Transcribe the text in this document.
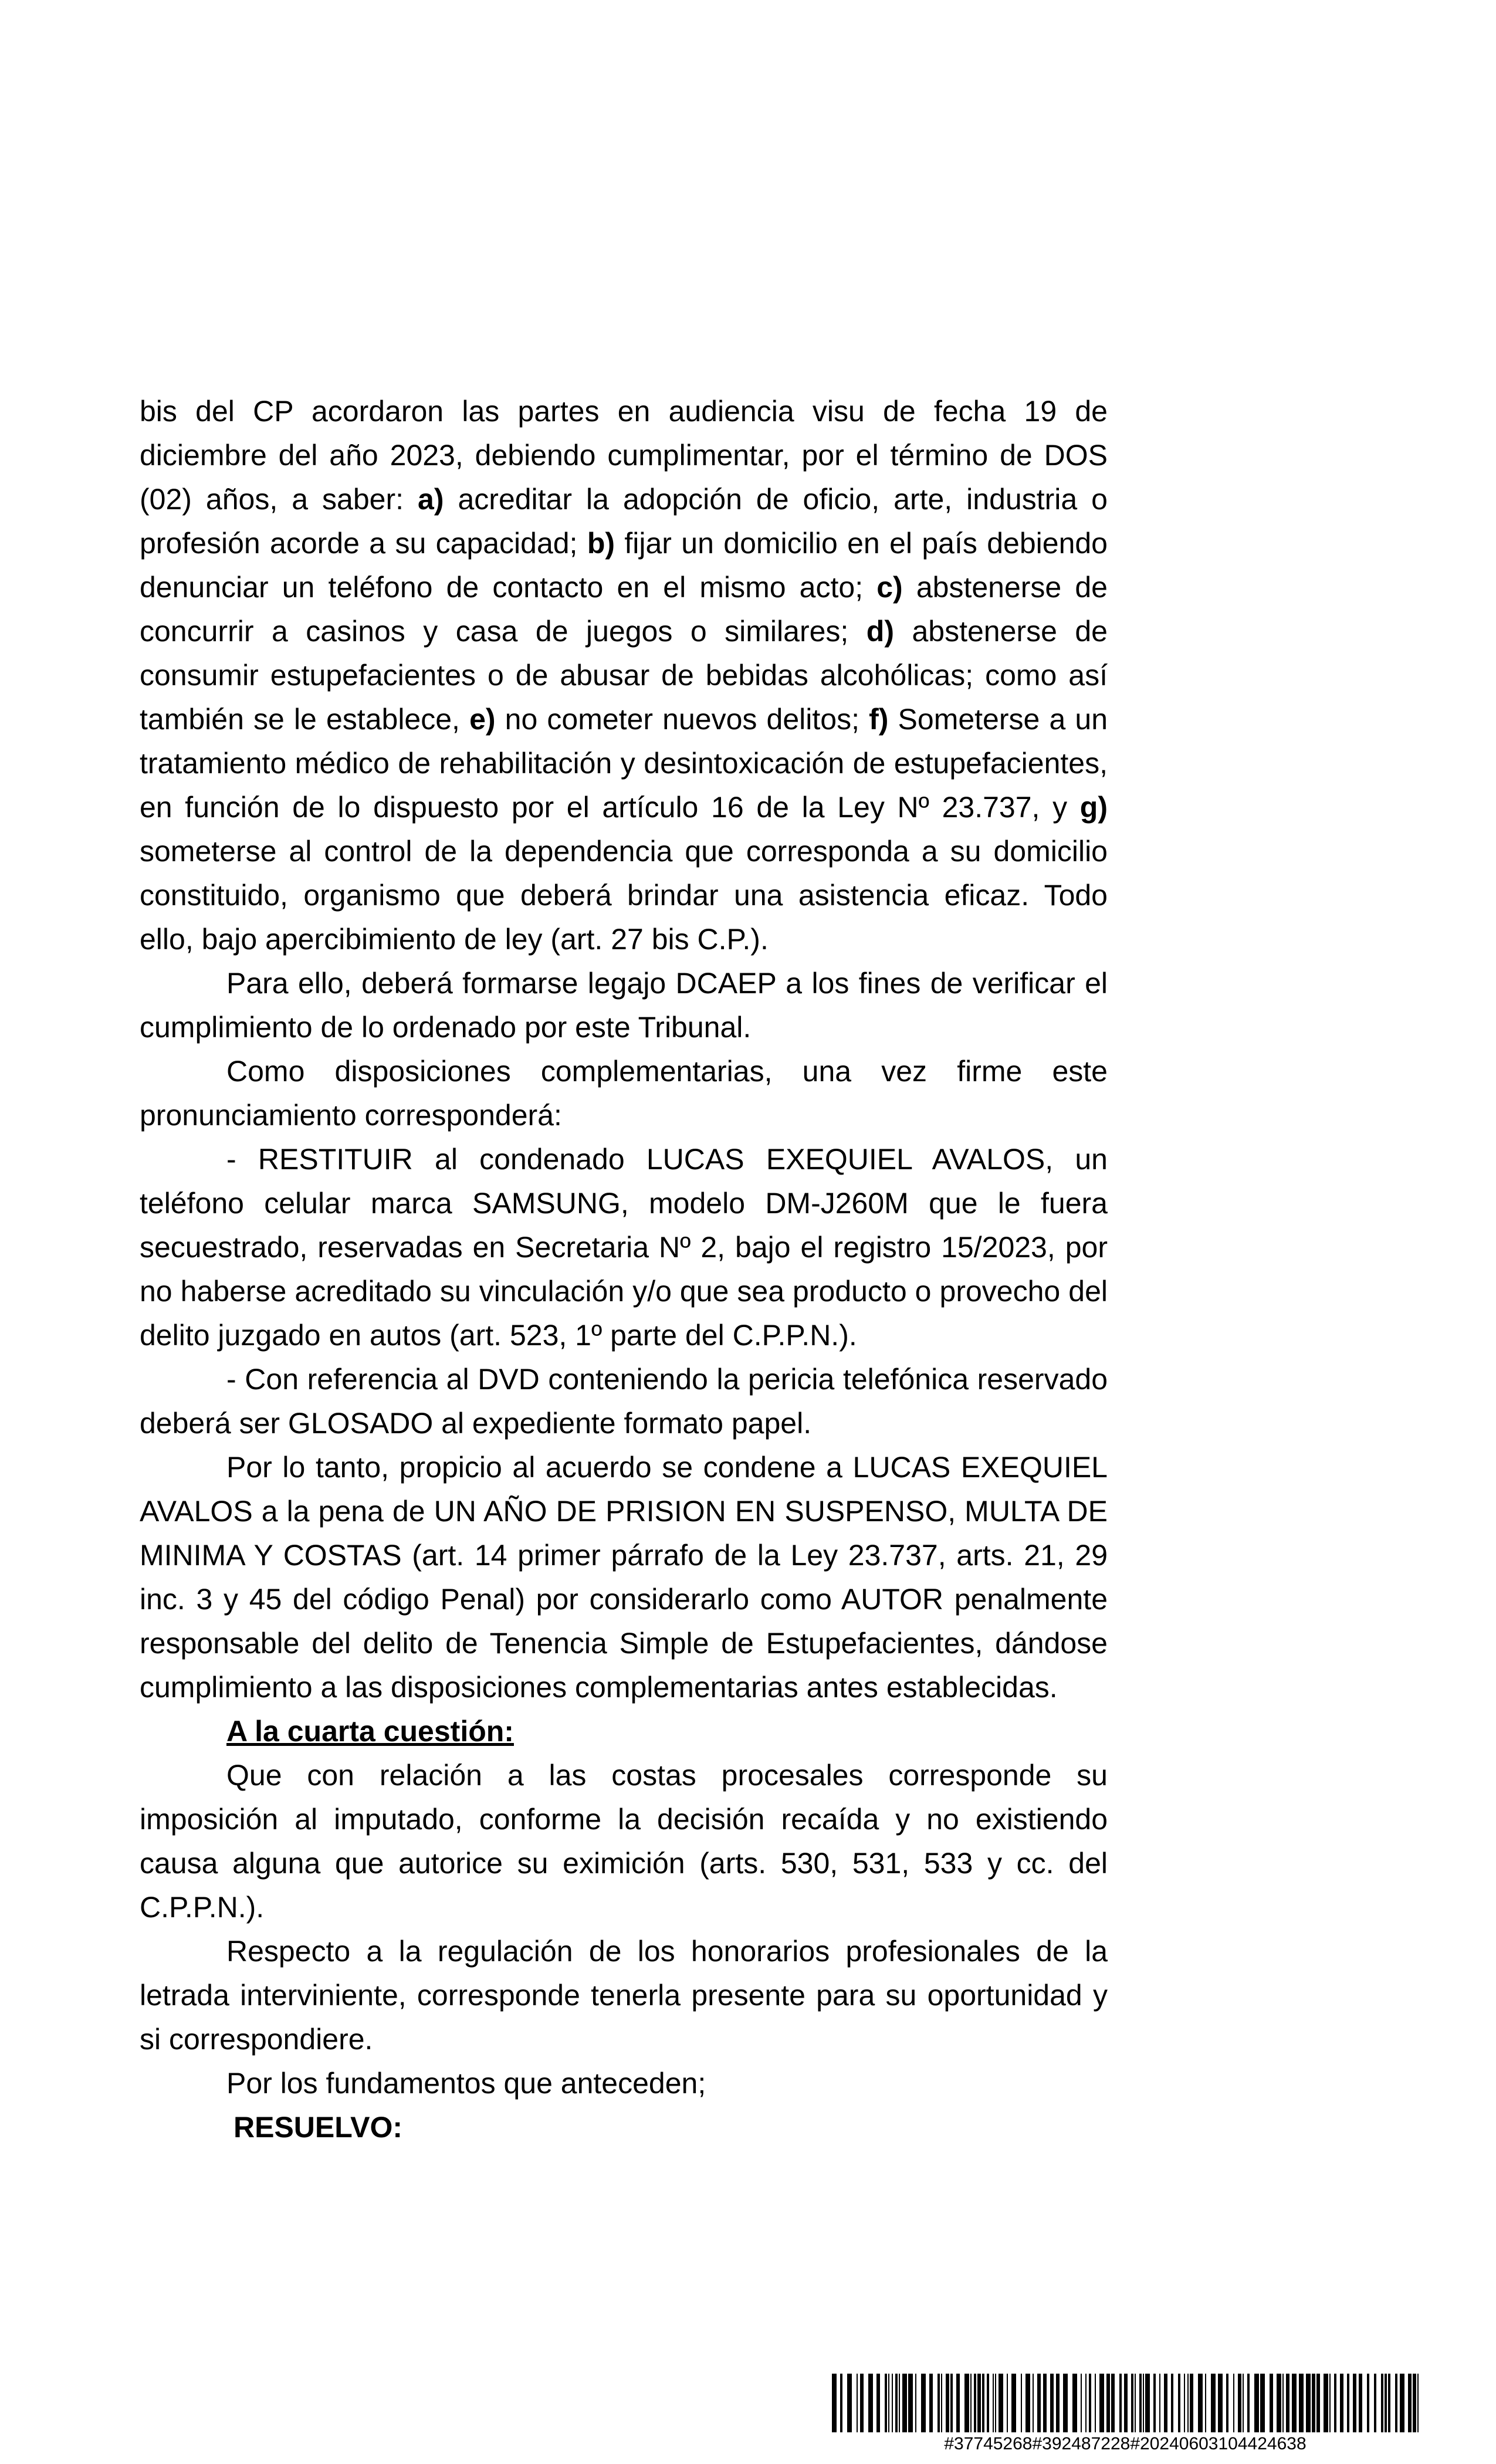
bis del CP acordaron las partes en audiencia visu de fecha 19 de diciembre del año 2023, debiendo cumplimentar, por el término de DOS (02) años, a saber: a) acreditar la adopción de oficio, arte, industria o profesión acorde a su capacidad; b) fijar un domicilio en el país debiendo denunciar un teléfono de contacto en el mismo acto; c) abstenerse de concurrir a casinos y casa de juegos o similares; d) abstenerse de consumir estupefacientes o de abusar de bebidas alcohólicas; como así también se le establece, e) no cometer nuevos delitos; f) Someterse a un tratamiento médico de rehabilitación y desintoxicación de estupefacientes, en función de lo dispuesto por el artículo 16 de la Ley Nº 23.737, y g) someterse al control de la dependencia que corresponda a su domicilio constituido, organismo que deberá brindar una asistencia eficaz. Todo ello, bajo apercibimiento de ley (art. 27 bis C.P.).

Para ello, deberá formarse legajo DCAEP a los fines de verificar el cumplimiento de lo ordenado por este Tribunal.

Como disposiciones complementarias, una vez firme este pronunciamiento corresponderá:

- RESTITUIR al condenado LUCAS EXEQUIEL AVALOS, un teléfono celular marca SAMSUNG, modelo DM-J260M que le fuera secuestrado, reservadas en Secretaria Nº 2, bajo el registro 15/2023, por no haberse acreditado su vinculación y/o que sea producto o provecho del delito juzgado en autos (art. 523, 1º parte del C.P.P.N.).

- Con referencia al DVD conteniendo la pericia telefónica reservado deberá ser GLOSADO al expediente formato papel.

Por lo tanto, propicio al acuerdo se condene a LUCAS EXEQUIEL AVALOS a la pena de UN AÑO DE PRISION EN SUSPENSO, MULTA DE MINIMA Y COSTAS (art. 14 primer párrafo de la Ley 23.737, arts. 21, 29 inc. 3 y 45 del código Penal) por considerarlo como AUTOR penalmente responsable del delito de Tenencia Simple de Estupefacientes, dándose cumplimiento a las disposiciones complementarias antes establecidas.

A la cuarta cuestión:

Que con relación a las costas procesales corresponde su imposición al imputado, conforme la decisión recaída y no existiendo causa alguna que autorice su eximición (arts. 530, 531, 533 y cc. del C.P.P.N.).

Respecto a la regulación de los honorarios profesionales de la letrada interviniente, corresponde tenerla presente para su oportunidad y si correspondiere.

Por los fundamentos que anteceden;

RESUELVO:

#37745268#392487228#20240603104424638
